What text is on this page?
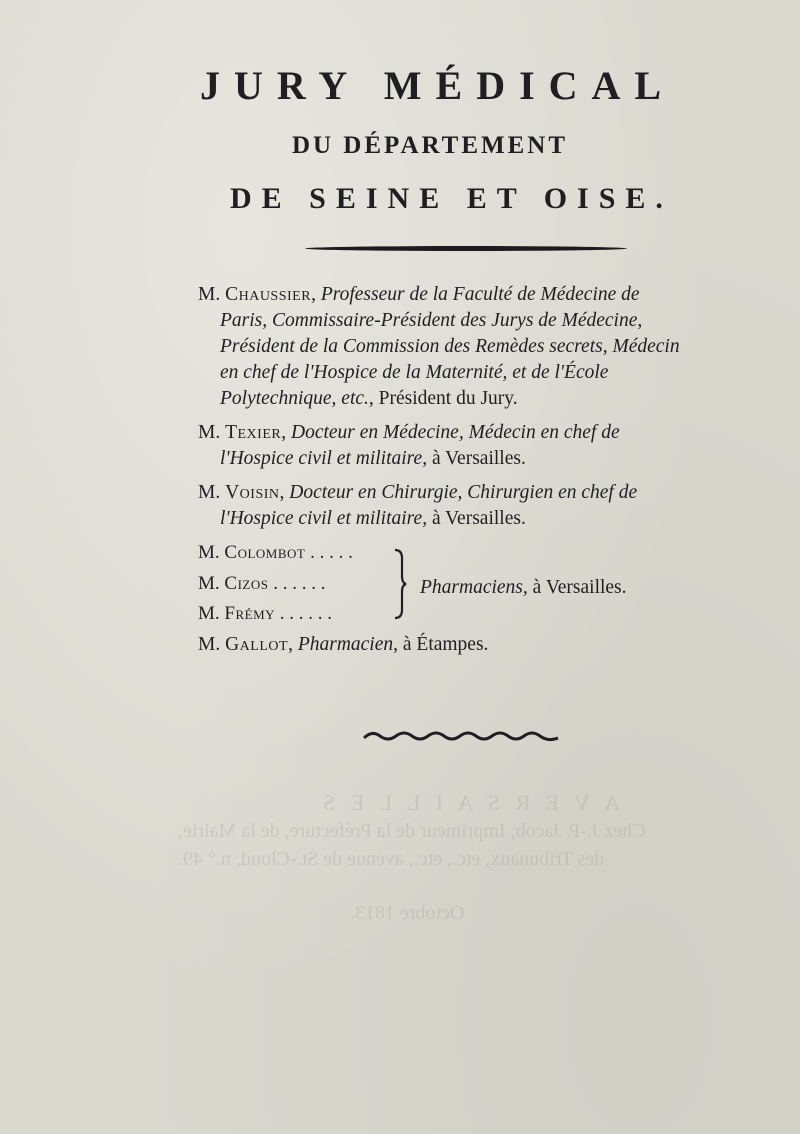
A V E R S A I L L E S
Chez J.-P. Jacob, Imprimeur de la Préfecture, de la Mairie,
des Tribunaux, etc., etc., avenue de St.-Cloud, n.° 49.
Octobre 1813.
JURY MÉDICAL
DU DÉPARTEMENT
DE SEINE ET OISE.
M. Chaussier, Professeur de la Faculté de Médecine de
Paris, Commissaire-Président des Jurys de Médecine,
Président de la Commission des Remèdes secrets, Médecin
en chef de l'Hospice de la Maternité, et de l'École
Polytechnique, etc., Président du Jury.
M. Texier, Docteur en Médecine, Médecin en chef de
l'Hospice civil et militaire, à Versailles.
M. Voisin, Docteur en Chirurgie, Chirurgien en chef de
l'Hospice civil et militaire, à Versailles.
M. Colombot . . . . .
M. Cizos . . . . . .
M. Frémy . . . . . .
Pharmaciens, à Versailles.
M. Gallot, Pharmacien, à Étampes.
